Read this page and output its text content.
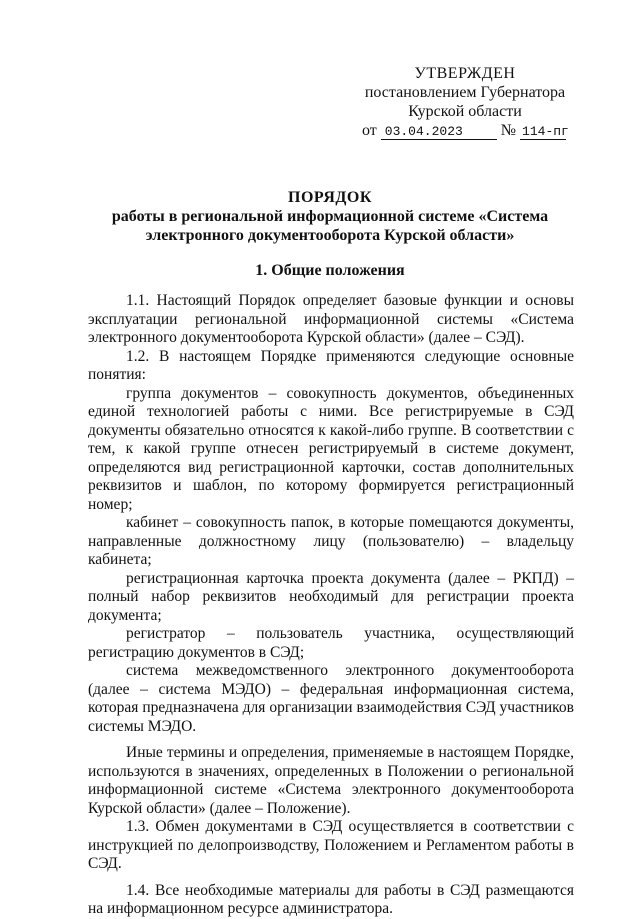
УТВЕРЖДЕН
постановлением Губернатора
Курской области
от 03.04.2023 № 114-пг
ПОРЯДОК
работы в региональной информационной системе «Система
электронного документооборота Курской области»
1. Общие положения

1.1. Настоящий Порядок определяет базовые функции и основы эксплуатации региональной информационной системы «Система электронного документооборота Курской области» (далее – СЭД).

1.2. В настоящем Порядке применяются следующие основные понятия:

группа документов – совокупность документов, объединенных единой технологией работы с ними. Все регистрируемые в СЭД документы обязательно относятся к какой-либо группе. В соответствии с тем, к какой группе отнесен регистрируемый в системе документ, определяются вид регистрационной карточки, состав дополнительных реквизитов и шаблон, по которому формируется регистрационный номер;

кабинет – совокупность папок, в которые помещаются документы, направленные должностному лицу (пользователю) – владельцу кабинета;

регистрационная карточка проекта документа (далее – РКПД) – полный набор реквизитов необходимый для регистрации проекта документа;

регистратор – пользователь участника, осуществляющий регистрацию документов в СЭД;

система межведомственного электронного документооборота (далее – система МЭДО) – федеральная информационная система, которая предназначена для организации взаимодействия СЭД участников системы МЭДО.

Иные термины и определения, применяемые в настоящем Порядке, используются в значениях, определенных в Положении о региональной информационной системе «Система электронного документооборота Курской области» (далее – Положение).

1.3. Обмен документами в СЭД осуществляется в соответствии с инструкцией по делопроизводству, Положением и Регламентом работы в СЭД.

1.4. Все необходимые материалы для работы в СЭД размещаются на информационном ресурсе администратора.
